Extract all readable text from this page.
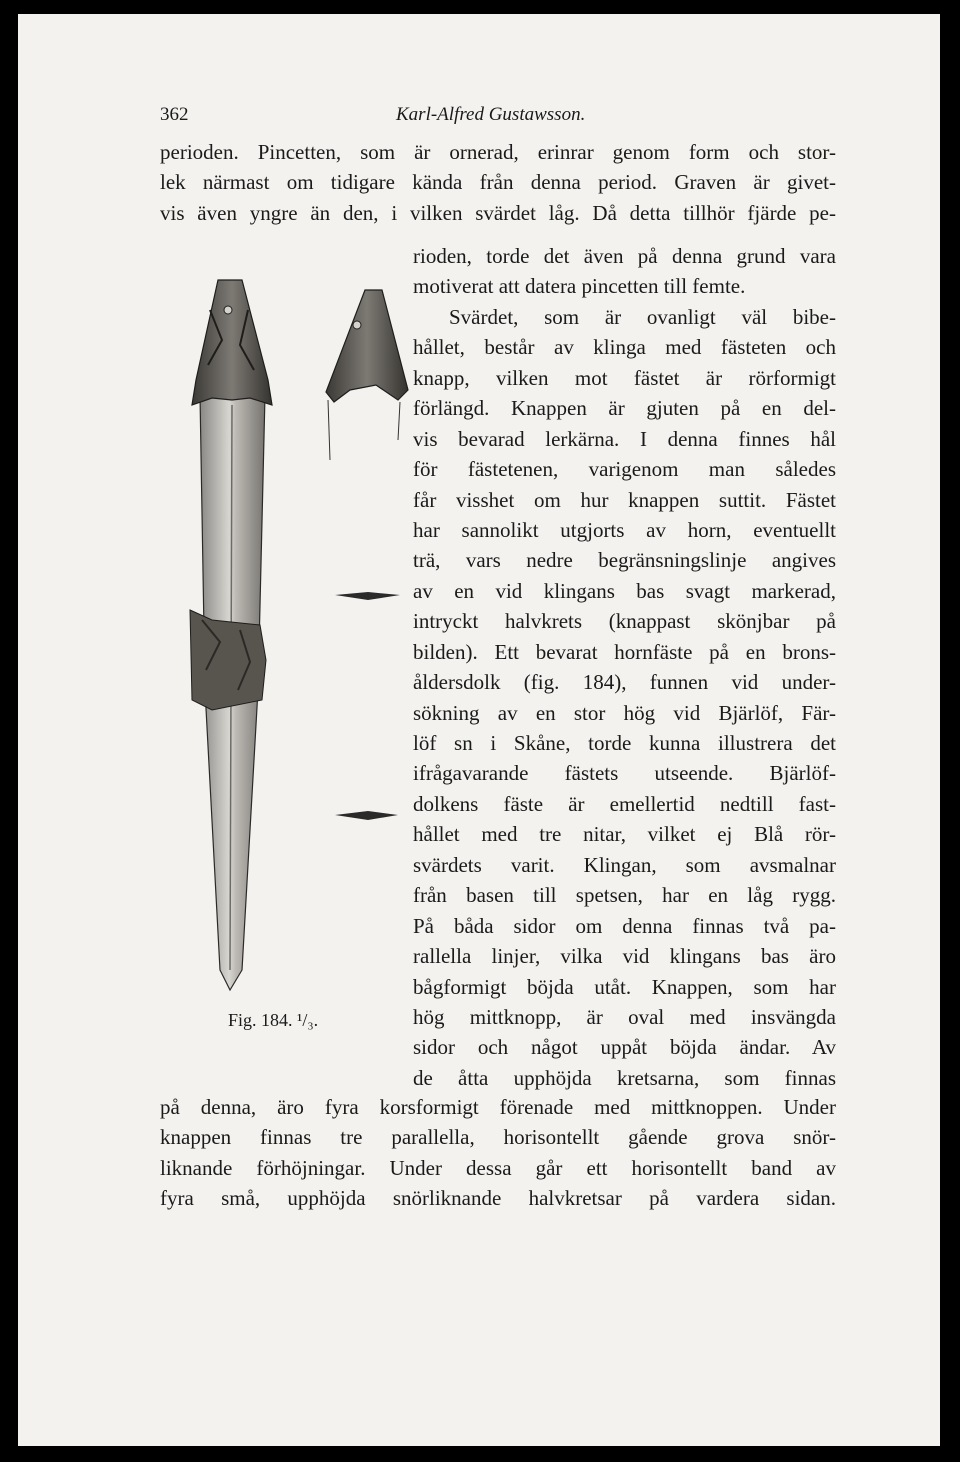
362	Karl-Alfred Gustawsson.
perioden. Pincetten, som är ornerad, erinrar genom form och stor-
lek närmast om tidigare kända från denna period. Graven är givet-
vis även yngre än den, i vilken svärdet låg. Då detta tillhör fjärde pe-
rioden, torde det även på denna grund vara
motiverat att datera pincetten till femte.
Svärdet, som är ovanligt väl bibe-
hållet, består av klinga med fästeten och
knapp, vilken mot fästet är rörformigt
förlängd. Knappen är gjuten på en del-
vis bevarad lerkärna. I denna finnes hål
för fästetenen, varigenom man således
får visshet om hur knappen suttit. Fästet
har sannolikt utgjorts av horn, eventuellt
trä, vars nedre begränsningslinje angives
av en vid klingans bas svagt markerad,
intryckt halvkrets (knappast skönjbar på
bilden). Ett bevarat hornfäste på en brons-
åldersdolk (fig. 184), funnen vid under-
sökning av en stor hög vid Bjärlöf, Fär-
löf sn i Skåne, torde kunna illustrera det
ifrågavarande fästets utseende. Bjärlöf-
dolkens fäste är emellertid nedtill fast-
hållet med tre nitar, vilket ej Blå rör-
svärdets varit. Klingan, som avsmalnar
från basen till spetsen, har en låg rygg.
På båda sidor om denna finnas två pa-
rallella linjer, vilka vid klingans bas äro
bågformigt böjda utåt. Knappen, som har
hög mittknopp, är oval med insvängda
sidor och något uppåt böjda ändar. Av
de åtta upphöjda kretsarna, som finnas
på denna, äro fyra korsformigt förenade med mittknoppen. Under
knappen finnas tre parallella, horisontellt gående grova snör-
liknande förhöjningar. Under dessa går ett horisontellt band av
fyra små, upphöjda snörliknande halvkretsar på vardera sidan.
Fig. 184. ¹/₃.
